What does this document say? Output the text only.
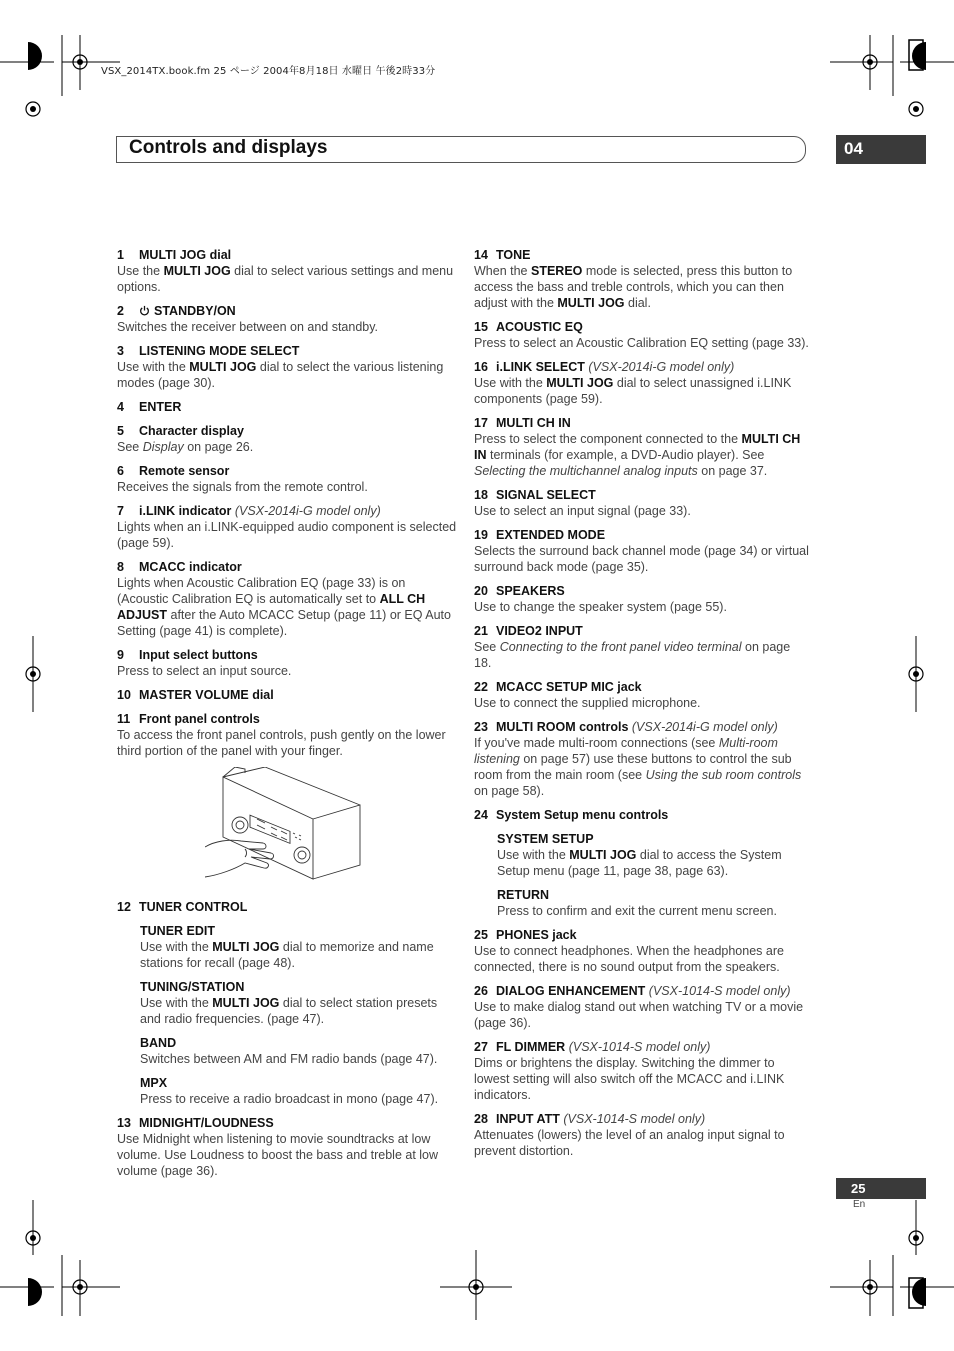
VSX_2014TX.book.fm 25 ページ 2004年8月18日 水曜日 午後2時33分
Controls and displays	04
1 MULTI JOG dial
Use the MULTI JOG dial to select various settings and menu options.
2 STANDBY/ON
Switches the receiver between on and standby.
3 LISTENING MODE SELECT
Use with the MULTI JOG dial to select the various listening modes (page 30).
4 ENTER
5 Character display
See Display on page 26.
6 Remote sensor
Receives the signals from the remote control.
7 i.LINK indicator (VSX-2014i-G model only)
Lights when an i.LINK-equipped audio component is selected (page 59).
8 MCACC indicator
Lights when Acoustic Calibration EQ (page 33) is on (Acoustic Calibration EQ is automatically set to ALL CH ADJUST after the Auto MCACC Setup (page 11) or EQ Auto Setting (page 41) is complete).
9 Input select buttons
Press to select an input source.
10 MASTER VOLUME dial
11 Front panel controls
To access the front panel controls, push gently on the lower third portion of the panel with your finger.
12 TUNER CONTROL
TUNER EDIT
Use with the MULTI JOG dial to memorize and name stations for recall (page 48).
TUNING/STATION
Use with the MULTI JOG dial to select station presets and radio frequencies. (page 47).
BAND
Switches between AM and FM radio bands (page 47).
MPX
Press to receive a radio broadcast in mono (page 47).
13 MIDNIGHT/LOUDNESS
Use Midnight when listening to movie soundtracks at low volume. Use Loudness to boost the bass and treble at low volume (page 36).
14 TONE
When the STEREO mode is selected, press this button to access the bass and treble controls, which you can then adjust with the MULTI JOG dial.
15 ACOUSTIC EQ
Press to select an Acoustic Calibration EQ setting (page 33).
16 i.LINK SELECT (VSX-2014i-G model only)
Use with the MULTI JOG dial to select unassigned i.LINK components (page 59).
17 MULTI CH IN
Press to select the component connected to the MULTI CH IN terminals (for example, a DVD-Audio player). See Selecting the multichannel analog inputs on page 37.
18 SIGNAL SELECT
Use to select an input signal (page 33).
19 EXTENDED MODE
Selects the surround back channel mode (page 34) or virtual surround back mode (page 35).
20 SPEAKERS
Use to change the speaker system (page 55).
21 VIDEO2 INPUT
See Connecting to the front panel video terminal on page 18.
22 MCACC SETUP MIC jack
Use to connect the supplied microphone.
23 MULTI ROOM controls (VSX-2014i-G model only)
If you've made multi-room connections (see Multi-room listening on page 57) use these buttons to control the sub room from the main room (see Using the sub room controls on page 58).
24 System Setup menu controls
SYSTEM SETUP
Use with the MULTI JOG dial to access the System Setup menu (page 11, page 38, page 63).
RETURN
Press to confirm and exit the current menu screen.
25 PHONES jack
Use to connect headphones. When the headphones are connected, there is no sound output from the speakers.
26 DIALOG ENHANCEMENT (VSX-1014-S model only)
Use to make dialog stand out when watching TV or a movie (page 36).
27 FL DIMMER (VSX-1014-S model only)
Dims or brightens the display. Switching the dimmer to lowest setting will also switch off the MCACC and i.LINK indicators.
28 INPUT ATT (VSX-1014-S model only)
Attenuates (lowers) the level of an analog input signal to prevent distortion.
25
En
